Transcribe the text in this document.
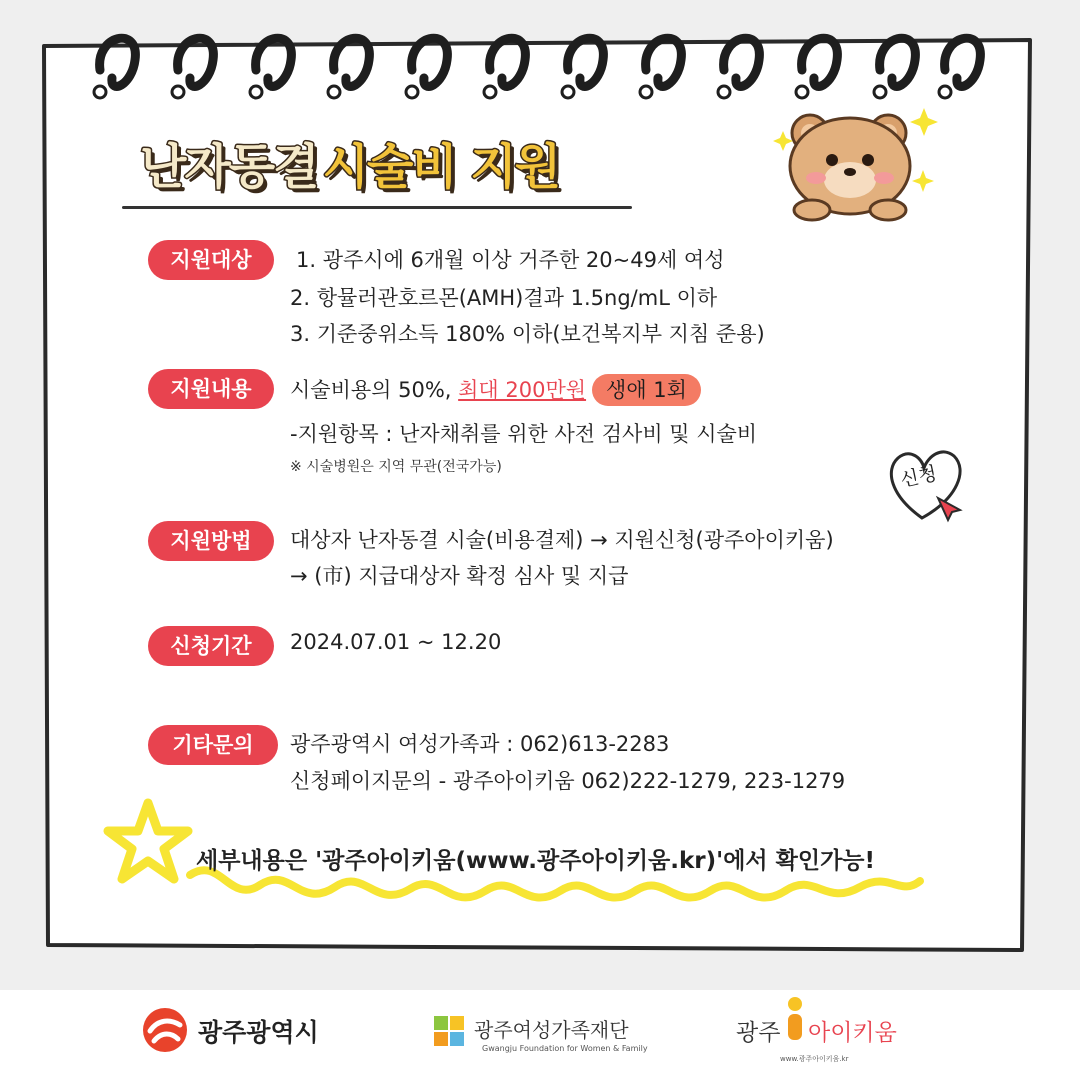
난자동결 시술비 지원
지원대상	1. 광주시에 6개월 이상 거주한 20~49세 여성
2. 항뮬러관호르몬(AMH)결과 1.5ng/mL 이하
3. 기준중위소득 180% 이하(보건복지부 지침 준용)
지원내용	시술비용의 50%, 최대 200만원 생애 1회
-지원항목 : 난자채취를 위한 사전 검사비 및 시술비
※ 시술병원은 지역 무관(전국가능)	신청
지원방법	대상자 난자동결 시술(비용결제) → 지원신청(광주아이키움)
→ (市) 지급대상자 확정 심사 및 지급
신청기간	2024.07.01 ~ 12.20
기타문의	광주광역시 여성가족과 : 062)613-2283
신청페이지문의 - 광주아이키움 062)222-1279, 223-1279
세부내용은 '광주아이키움(www.광주아이키움.kr)'에서 확인가능!
광주광역시	광주여성가족재단
Gwangju Foundation for Women & Family
광주 아이키움
www.광주아이키움.kr
